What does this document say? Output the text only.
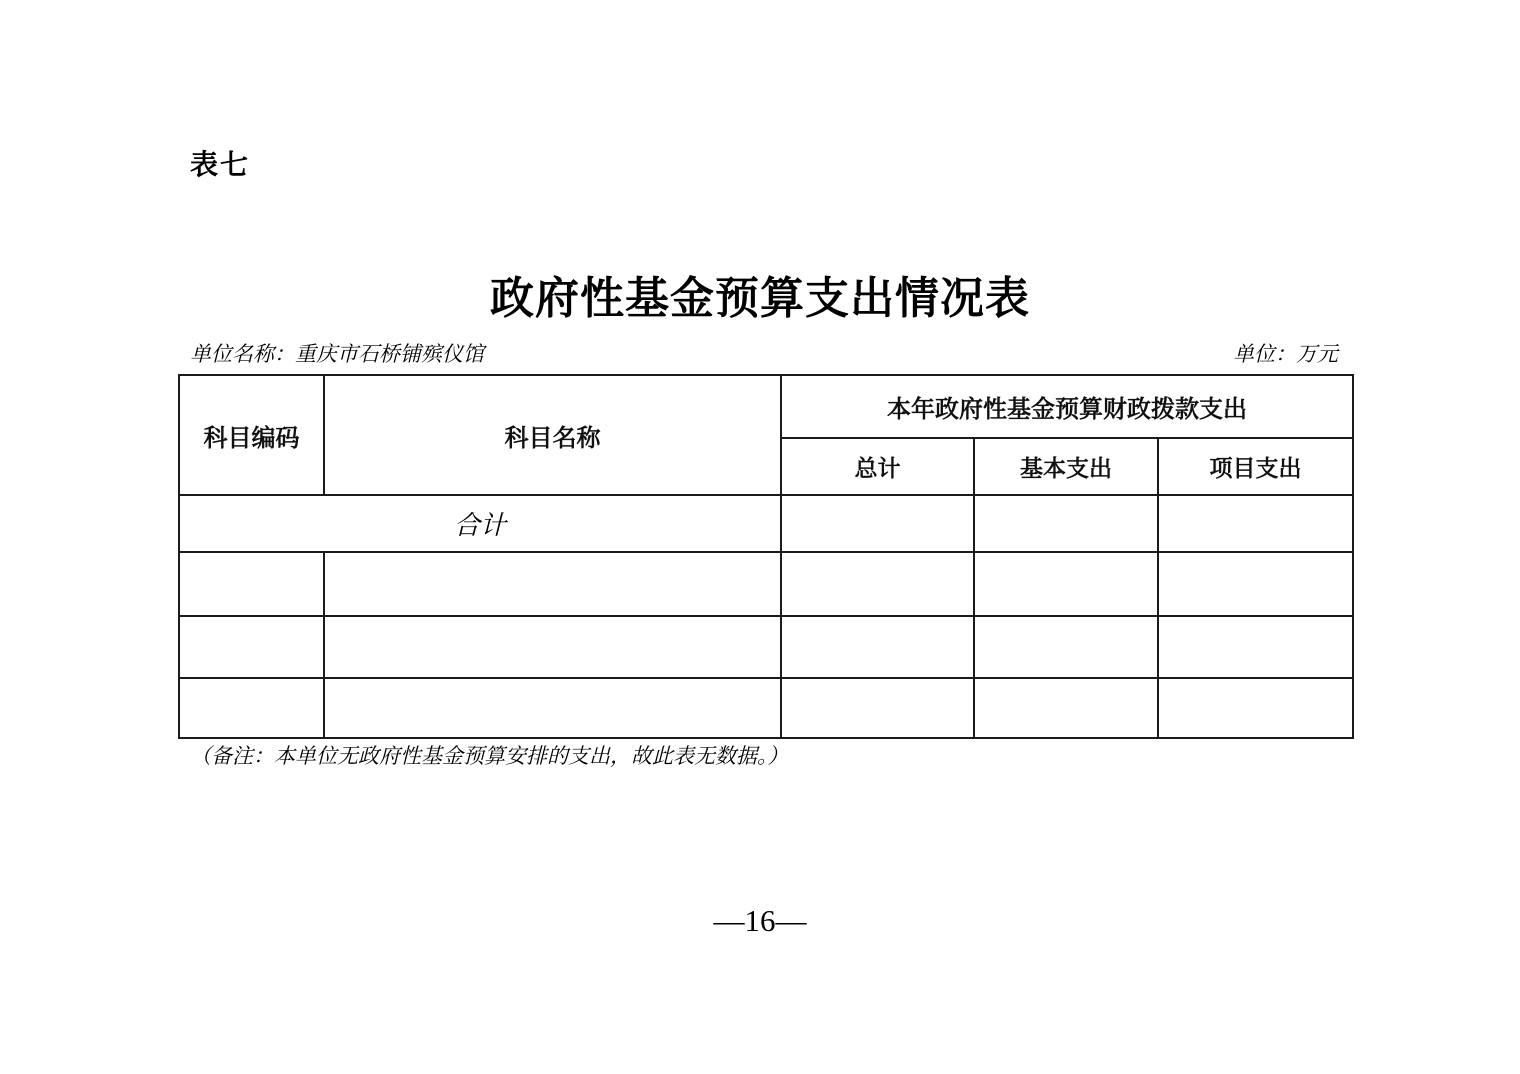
表七
政府性基金预算支出情况表
单位名称：重庆市石桥铺殡仪馆	单位：万元
科目编码	科目名称	本年政府性基金预算财政拨款支出		
		总计	基本支出	项目支出
合计				

（备注：本单位无政府性基金预算安排的支出，故此表无数据。）
—16—
